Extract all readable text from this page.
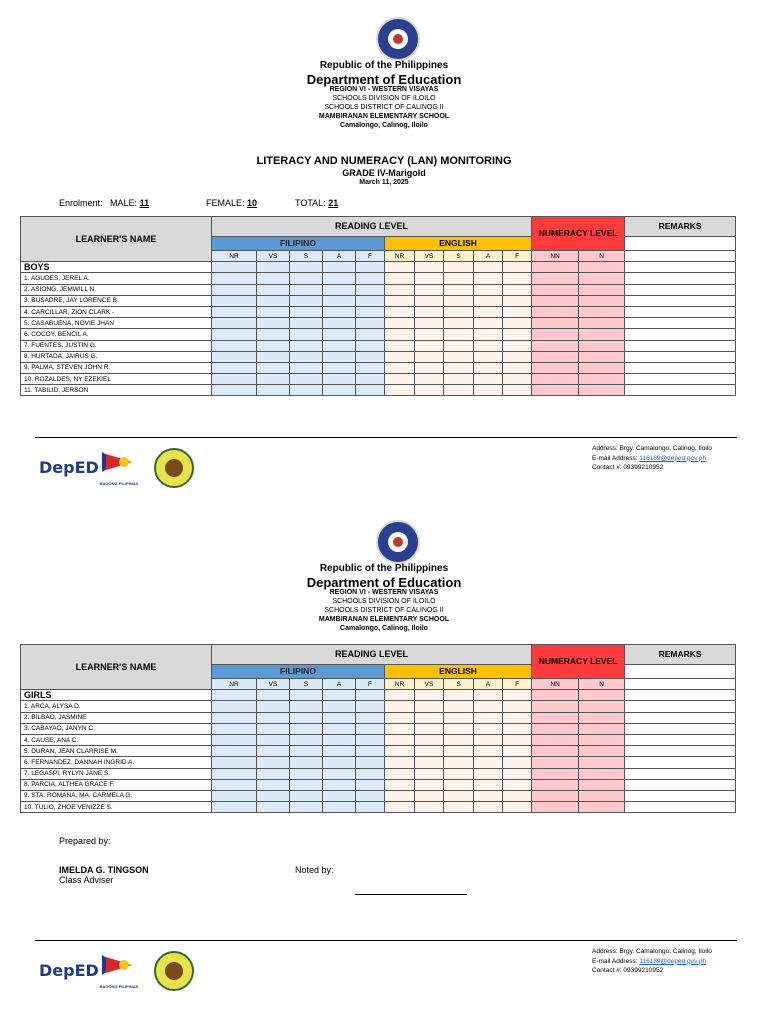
Republic of the Philippines
Department of Education
REGION VI - WESTERN VISAYAS
SCHOOLS DIVISION OF ILOILO
SCHOOLS DISTRICT OF CALINOG II
MAMBIRANAN ELEMENTARY SCHOOL
Camalongo, Calinog, Iloilo
LITERACY AND NUMERACY (LAN) MONITORING
GRADE IV-Marigold
March 11, 2025
Enrolment: MALE: 11	FEMALE: 10	TOTAL: 21
LEARNER'S NAME	READING LEVEL										NUMERACY LEVEL		REMARKS
	FILIPINO					ENGLISH							
	NR	VS	S	A	F	NR	VS	S	A	F	NN	N	
BOYS													
1. AGUDES, JEREL A.													
2. ASIONG, JEMWILL N.													
3. BUSADRE, JAY LORENCE B.													
4. CARCILLAR, ZION CLARK -													
5. CASABUENA, NOVIE JHAN													
6. COCOY, BENCIL A.													
7. FUENTES, JUSTIN G.													
8. HURTADA, JAIRUS G.													
9. PALMA, STEVEN JOHN R.													
10. ROZALDES, NY EZEKIEL													
11. TABILID, JERSON													
DepED
BAGONG PILIPINAS
Address: Brgy. Camalongo, Calinog, Iloilo
E-mail Address: 116189@deped.gov.ph
Contact #: 09399210952
Republic of the Philippines
Department of Education
REGION VI - WESTERN VISAYAS
SCHOOLS DIVISION OF ILOILO
SCHOOLS DISTRICT OF CALINOG II
MAMBIRANAN ELEMENTARY SCHOOL
Camalongo, Calinog, Iloilo
LEARNER'S NAME	READING LEVEL										NUMERACY LEVEL		REMARKS
	FILIPINO					ENGLISH							
	NR	VS	S	A	F	NR	VS	S	A	F	NN	N	
GIRLS													
1. ARCA, ALYSA D.													
2. BILBAO, JASMINE													
3. CABAYAO, JANYN C.													
4. CAUSE, ANA C.													
5. DURAN, JEAN CLARRISE M.													
6. FERNANDEZ, DANNAH INGRID A.													
7. LEGASPI, RYLYN JANE S.													
8. PARCIA, ALTHEA GRACE F.													
9. STA. ROMANA, MA. CARMELA G.													
10. TULIO, ZHOE VENIZZE S.													
Prepared by:
IMELDA G. TINGSON
Class Adviser
Noted by:
DepED
BAGONG PILIPINAS
Address: Brgy. Camalongo, Calinog, Iloilo
E-mail Address: 116189@deped.gov.ph
Contact #: 09399210952
